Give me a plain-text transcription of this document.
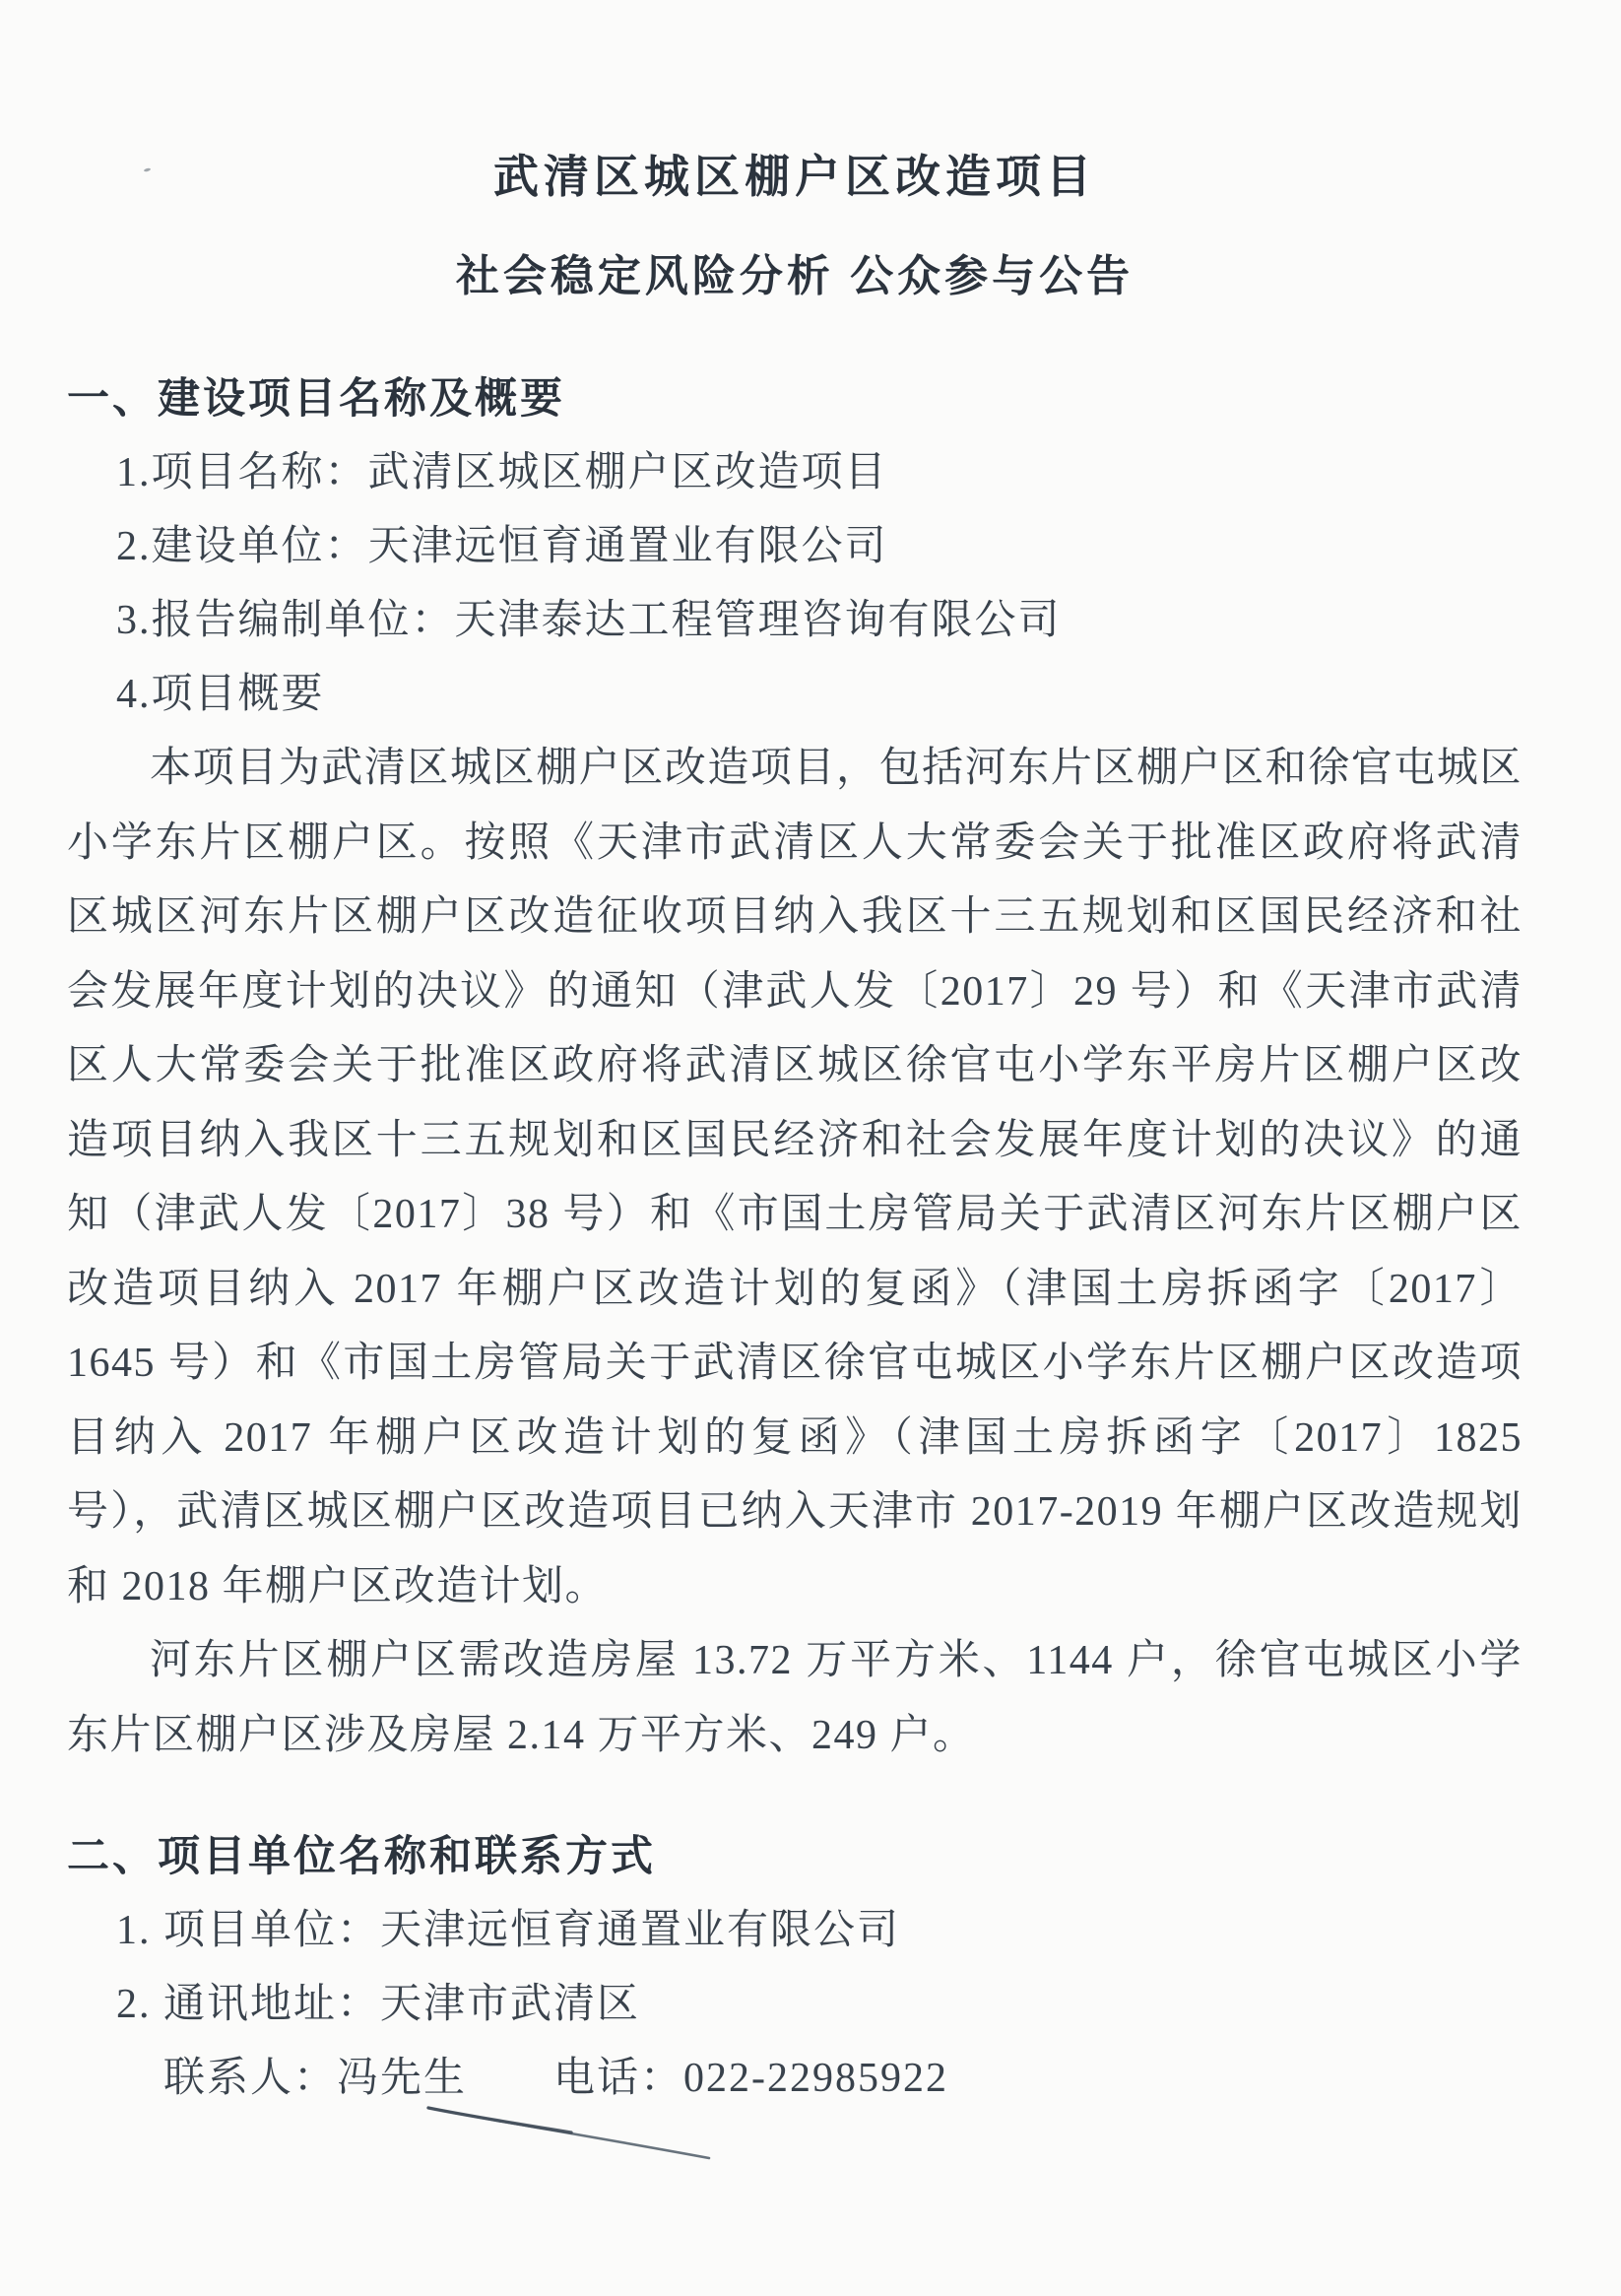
武清区城区棚户区改造项目
社会稳定风险分析 公众参与公告
一、建设项目名称及概要
1.项目名称：武清区城区棚户区改造项目
2.建设单位：天津远恒育通置业有限公司
3.报告编制单位：天津泰达工程管理咨询有限公司
4.项目概要

本项目为武清区城区棚户区改造项目，包括河东片区棚户区和徐官屯城区小学东片区棚户区。按照《天津市武清区人大常委会关于批准区政府将武清区城区河东片区棚户区改造征收项目纳入我区十三五规划和区国民经济和社会发展年度计划的决议》的通知（津武人发〔2017〕29 号）和《天津市武清区人大常委会关于批准区政府将武清区城区徐官屯小学东平房片区棚户区改造项目纳入我区十三五规划和区国民经济和社会发展年度计划的决议》的通知（津武人发〔2017〕38 号）和《市国土房管局关于武清区河东片区棚户区改造项目纳入 2017 年棚户区改造计划的复函》（津国土房拆函字〔2017〕1645 号）和《市国土房管局关于武清区徐官屯城区小学东片区棚户区改造项目纳入 2017 年棚户区改造计划的复函》（津国土房拆函字〔2017〕1825 号），武清区城区棚户区改造项目已纳入天津市 2017-2019 年棚户区改造规划和 2018 年棚户区改造计划。

河东片区棚户区需改造房屋 13.72 万平方米、1144 户，徐官屯城区小学东片区棚户区涉及房屋 2.14 万平方米、249 户。

二、项目单位名称和联系方式
1. 项目单位：天津远恒育通置业有限公司
2. 通讯地址：天津市武清区
联系人：冯先生 电话：022-22985922
